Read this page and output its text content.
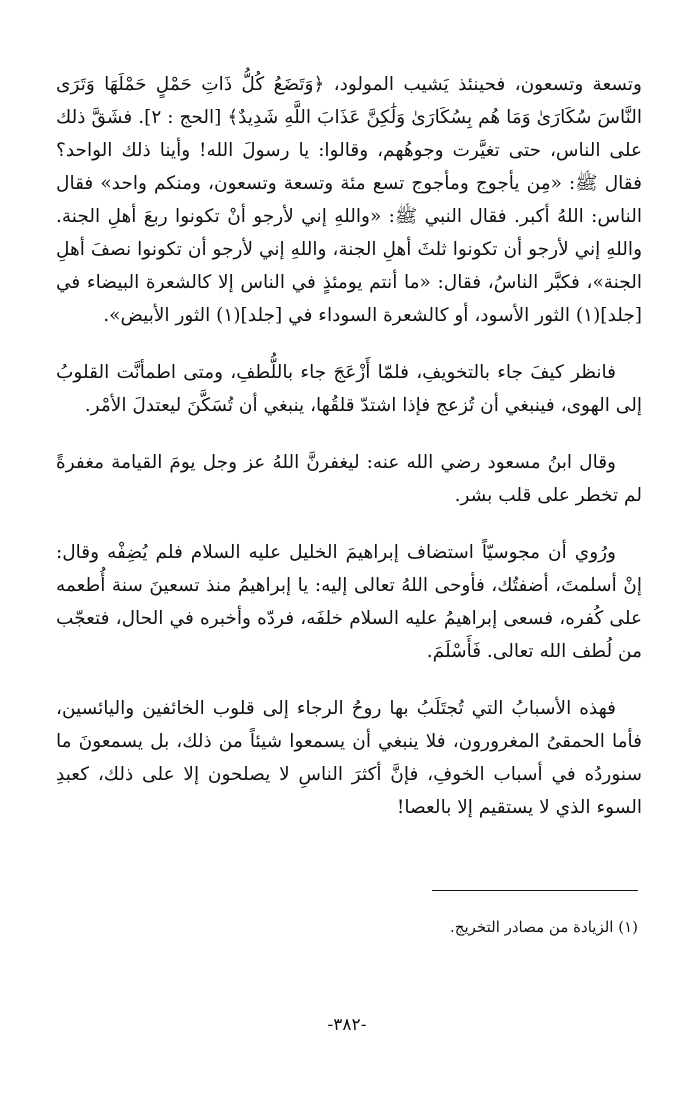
وتسعة وتسعون، فحينئذ يَشيب المولود، ﴿وَتَضَعُ كُلُّ ذَاتِ حَمْلٍ حَمْلَهَا وَتَرَى النَّاسَ سُكَارَىٰ وَمَا هُم بِسُكَارَىٰ وَلَٰكِنَّ عَذَابَ اللَّهِ شَدِيدٌ﴾ [الحج : ٢]. فشَقَّ ذلك على الناس، حتى تغيَّرت وجوهُهم، وقالوا: يا رسولَ الله! وأينا ذلك الواحد؟ فقال ﷺ: «مِن يأجوج ومأجوج تسع مئة وتسعة وتسعون، ومنكم واحد» فقال الناس: اللهُ أكبر. فقال النبي ﷺ: «واللهِ إني لأرجو أنْ تكونوا ربعَ أهلِ الجنة. واللهِ إني لأرجو أن تكونوا ثلثَ أهلِ الجنة، واللهِ إني لأرجو أن تكونوا نصفَ أهلِ الجنة»، فكبَّر الناسُ، فقال: «ما أنتم يومئذٍ في الناس إلا كالشعرة البيضاء في [جلد](١) الثور الأسود، أو كالشعرة السوداء في [جلد](١) الثور الأبيض».

فانظر كيفَ جاء بالتخويفِ، فلمّا أَزْعَجَ جاء باللُّطفِ، ومتى اطمأنَّت القلوبُ إلى الهوى، فينبغي أن تُزعج فإذا اشتدّ قلقُها، ينبغي أن تُسَكَّنَ ليعتدلَ الأمْر.

وقال ابنُ مسعود رضي الله عنه: ليغفرنَّ اللهُ عز وجل يومَ القيامة مغفرةً لم تخطر على قلب بشر.

ورُوي أن مجوسيّاً استضاف إبراهيمَ الخليل عليه السلام فلم يُضِفْه وقال: إنْ أسلمتَ، أضفتُك، فأوحى اللهُ تعالى إليه: يا إبراهيمُ منذ تسعينَ سنة أُطعمه على كُفره، فسعى إبراهيمُ عليه السلام خلفَه، فردّه وأخبره في الحال، فتعجّب من لُطف الله تعالى. فَأَسْلَمَ.

فهذه الأسبابُ التي تُجتَلَبُ بها روحُ الرجاء إلى قلوب الخائفين واليائسين، فأما الحمقىُ المغرورون، فلا ينبغي أن يسمعوا شيئاً من ذلك، بل يسمعونَ ما سنوردُه في أسباب الخوفِ، فإنَّ أكثرَ الناسِ لا يصلحون إلا على ذلك، كعبدِ السوء الذي لا يستقيم إلا بالعصا!

(١) الزيادة من مصادر التخريج.
-٣٨٢-
